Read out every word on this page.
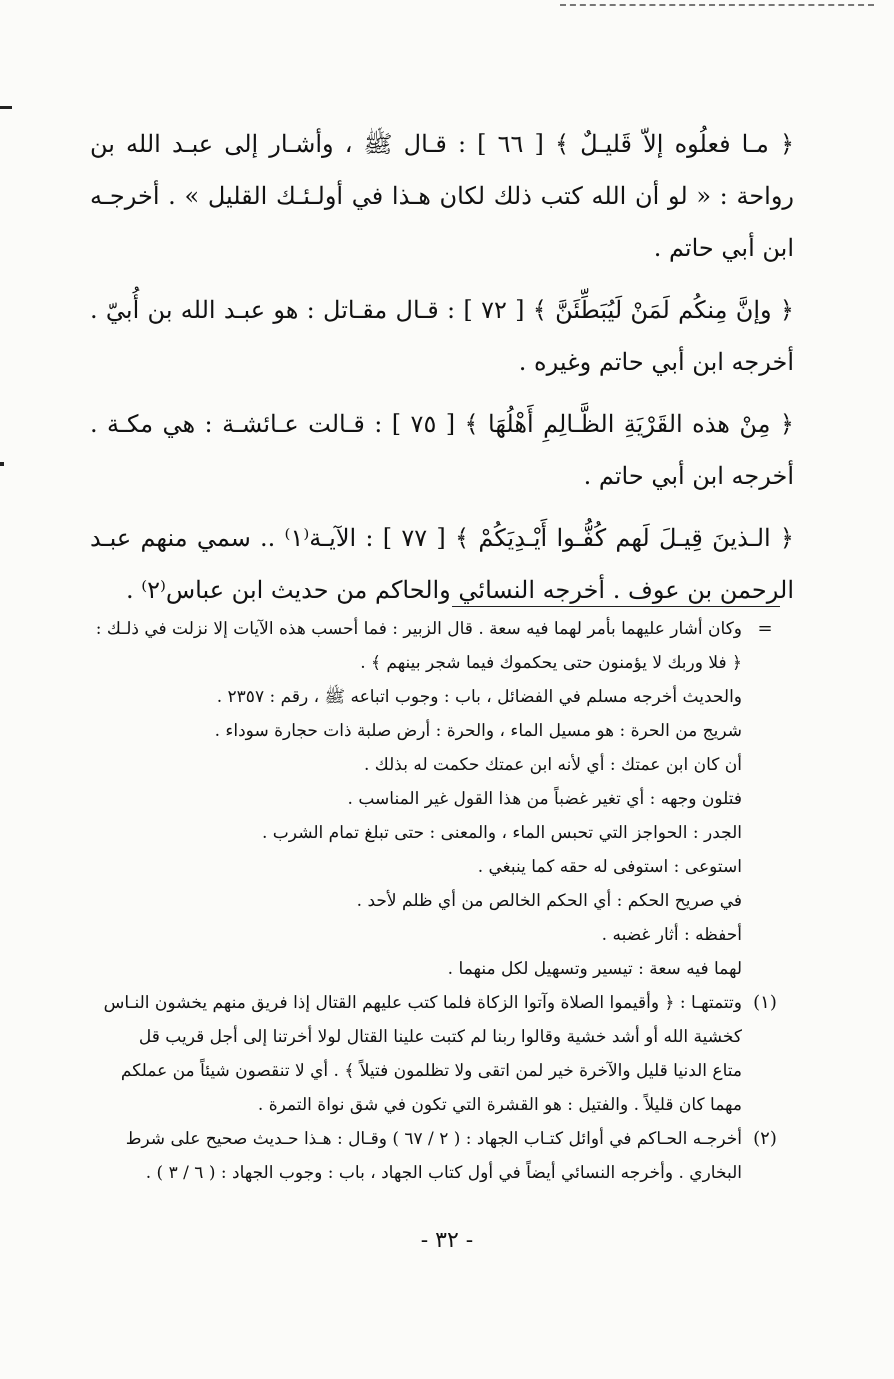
﴿ مـا فعلُوه إلاّ قَليـلٌ ﴾ [ ٦٦ ] : قـال ﷺ ، وأشـار إلى عبـد الله بن رواحة : « لو أن الله كتب ذلك لكان هـذا في أولـئـك القليل » . أخرجـه ابن أبي حاتم .

﴿ وإنَّ مِنكُم لَمَنْ لَيُبَطِّئَنَّ ﴾ [ ٧٢ ] : قـال مقـاتل : هو عبـد الله بن أُبيّ . أخرجه ابن أبي حاتم وغيره .

﴿ مِنْ هذه القَرْيَةِ الظَّـالِمِ أَهْلُهَا ﴾ [ ٧٥ ] : قـالت عـائشـة : هي مكـة . أخرجه ابن أبي حاتم .

﴿ الـذينَ قِيـلَ لَهم كُفُّـوا أَيْـدِيَكُمْ ﴾ [ ٧٧ ] : الآيـة⁽١⁾ .. سمي منهم عبـد الرحمن بن عوف . أخرجه النسائي والحاكم من حديث ابن عباس⁽٢⁾ .

=

وكان أشار عليهما بأمر لهما فيه سعة . قال الزبير : فما أحسب هذه الآيات إلا نزلت في ذلـك :

﴿ فلا وربك لا يؤمنون حتى يحكموك فيما شجر بينهم ﴾ .

والحديث أخرجه مسلم في الفضائل ، باب : وجوب اتباعه ﷺ ، رقم : ٢٣٥٧ .

شريج من الحرة : هو مسيل الماء ، والحرة : أرض صلبة ذات حجارة سوداء .

أن كان ابن عمتك : أي لأنه ابن عمتك حكمت له بذلك .

فتلون وجهه : أي تغير غضباً من هذا القول غير المناسب .

الجدر : الحواجز التي تحبس الماء ، والمعنى : حتى تبلغ تمام الشرب .

استوعى : استوفى له حقه كما ينبغي .

في صريح الحكم : أي الحكم الخالص من أي ظلم لأحد .

أحفظه : أثار غضبه .

لهما فيه سعة : تيسير وتسهيل لكل منهما .

(١)

وتتمتهـا : ﴿ وأقيموا الصلاة وآتوا الزكاة فلما كتب عليهم القتال إذا فريق منهم يخشون النـاس

كخشية الله أو أشد خشية وقالوا ربنا لم كتبت علينا القتال لولا أخرتنا إلى أجل قريب قل

متاع الدنيا قليل والآخرة خير لمن اتقى ولا تظلمون فتيلاً ﴾ . أي لا تنقصون شيئاً من عملكم

مهما كان قليلاً . والفتيل : هو القشرة التي تكون في شق نواة التمرة .

(٢)

أخرجـه الحـاكم في أوائل كتـاب الجهاد : ( ٢ / ٦٧ ) وقـال : هـذا حـديث صحيح على شرط

البخاري . وأخرجه النسائي أيضاً في أول كتاب الجهاد ، باب : وجوب الجهاد : ( ٦ / ٣ ) .

- ٣٢ -
